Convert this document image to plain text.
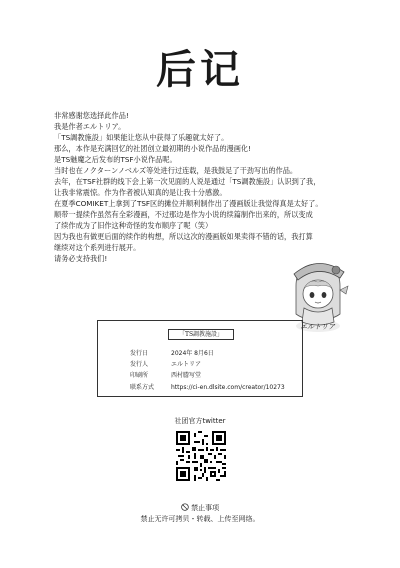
后记

非常感谢您选择此作品!

我是作者エルトリア。

「TS調教施設」如果能让您从中获得了乐趣就太好了。

那么，本作是充满回忆的社团创立最初期的小说作品的漫画化!

是TS魅魔之后发布的TSF小说作品呢。

当时也在ノクターンノベルズ等处进行过连载，是我鼓足了干劲写出的作品。

去年，在TSF社群的线下会上第一次见面的人说是通过「TS調教施設」认识到了我，

让我非常震惊。作为作者被认知真的是让我十分感激。

在夏季COMIKET上拿到了TSF区的摊位并顺利制作出了漫画版让我觉得真是太好了。

顺带一提续作虽然有全彩漫画，不过那边是作为小说的续篇制作出来的，所以变成

了续作成为了旧作这种奇怪的发布顺序了呢（笑）

因为我也有做更后面的续作的构想，所以这次的漫画版如果卖得不错的话，我打算

继续对这个系列进行展开。

请务必支持我们!

エルトリア
「TS調教施設」
发行日	2024年 8月6日
发行人	エルトリア
印刷所	西村謄写堂
联系方式	https://ci-en.dlsite.com/creator/10273
社团官方twitter
🛇 禁止事项
禁止无许可拷贝・转载、上传至网络。
